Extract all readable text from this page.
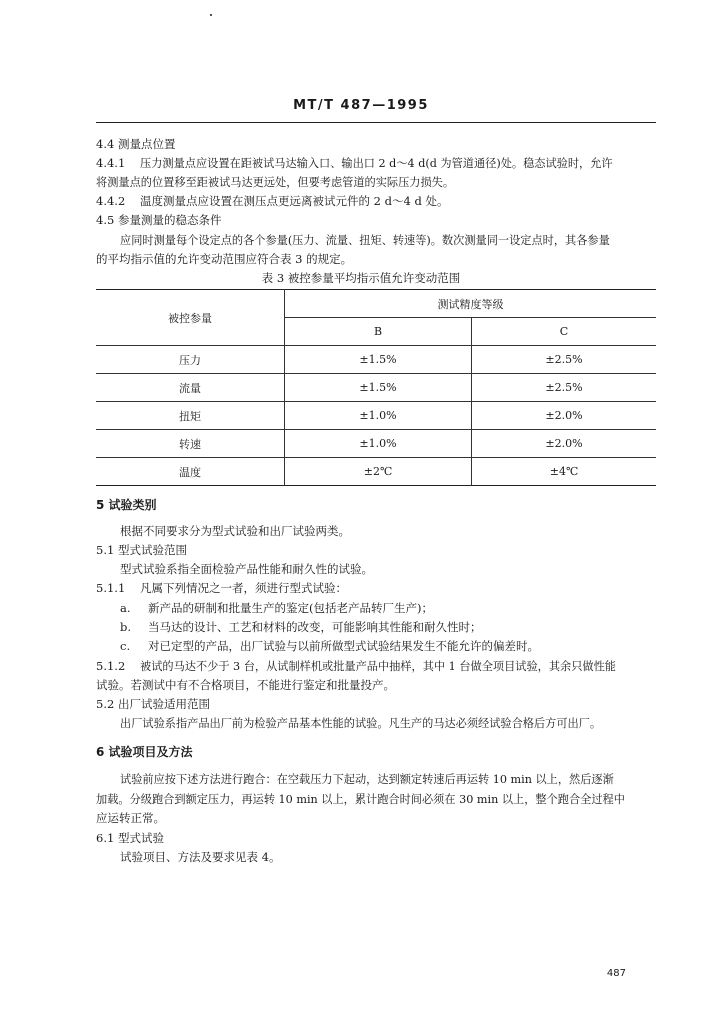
MT/T 487—1995
4.4 测量点位置
4.4.1 压力测量点应设置在距被试马达输入口、输出口 2 d～4 d(d 为管道通径)处。稳态试验时，允许
将测量点的位置移至距被试马达更远处，但要考虑管道的实际压力损失。
4.4.2 温度测量点应设置在测压点更远离被试元件的 2 d～4 d 处。
4.5 参量测量的稳态条件
应同时测量每个设定点的各个参量(压力、流量、扭矩、转速等)。数次测量同一设定点时，其各参量
的平均指示值的允许变动范围应符合表 3 的规定。
表 3 被控参量平均指示值允许变动范围
被控参量	测试精度等级	
	B	C
压力	±1.5%	±2.5%
流量	±1.5%	±2.5%
扭矩	±1.0%	±2.0%
转速	±1.0%	±2.0%
温度	±2℃	±4℃
5 试验类别
根据不同要求分为型式试验和出厂试验两类。
5.1 型式试验范围
型式试验系指全面检验产品性能和耐久性的试验。
5.1.1 凡属下列情况之一者，须进行型式试验：
a. 新产品的研制和批量生产的鉴定(包括老产品转厂生产)；
b. 当马达的设计、工艺和材料的改变，可能影响其性能和耐久性时；
c. 对已定型的产品，出厂试验与以前所做型式试验结果发生不能允许的偏差时。
5.1.2 被试的马达不少于 3 台，从试制样机或批量产品中抽样，其中 1 台做全项目试验，其余只做性能
试验。若测试中有不合格项目，不能进行鉴定和批量投产。
5.2 出厂试验适用范围
出厂试验系指产品出厂前为检验产品基本性能的试验。凡生产的马达必须经试验合格后方可出厂。
6 试验项目及方法
试验前应按下述方法进行跑合：在空载压力下起动，达到额定转速后再运转 10 min 以上，然后逐渐
加载。分级跑合到额定压力，再运转 10 min 以上，累计跑合时间必须在 30 min 以上，整个跑合全过程中
应运转正常。
6.1 型式试验
试验项目、方法及要求见表 4。
487
